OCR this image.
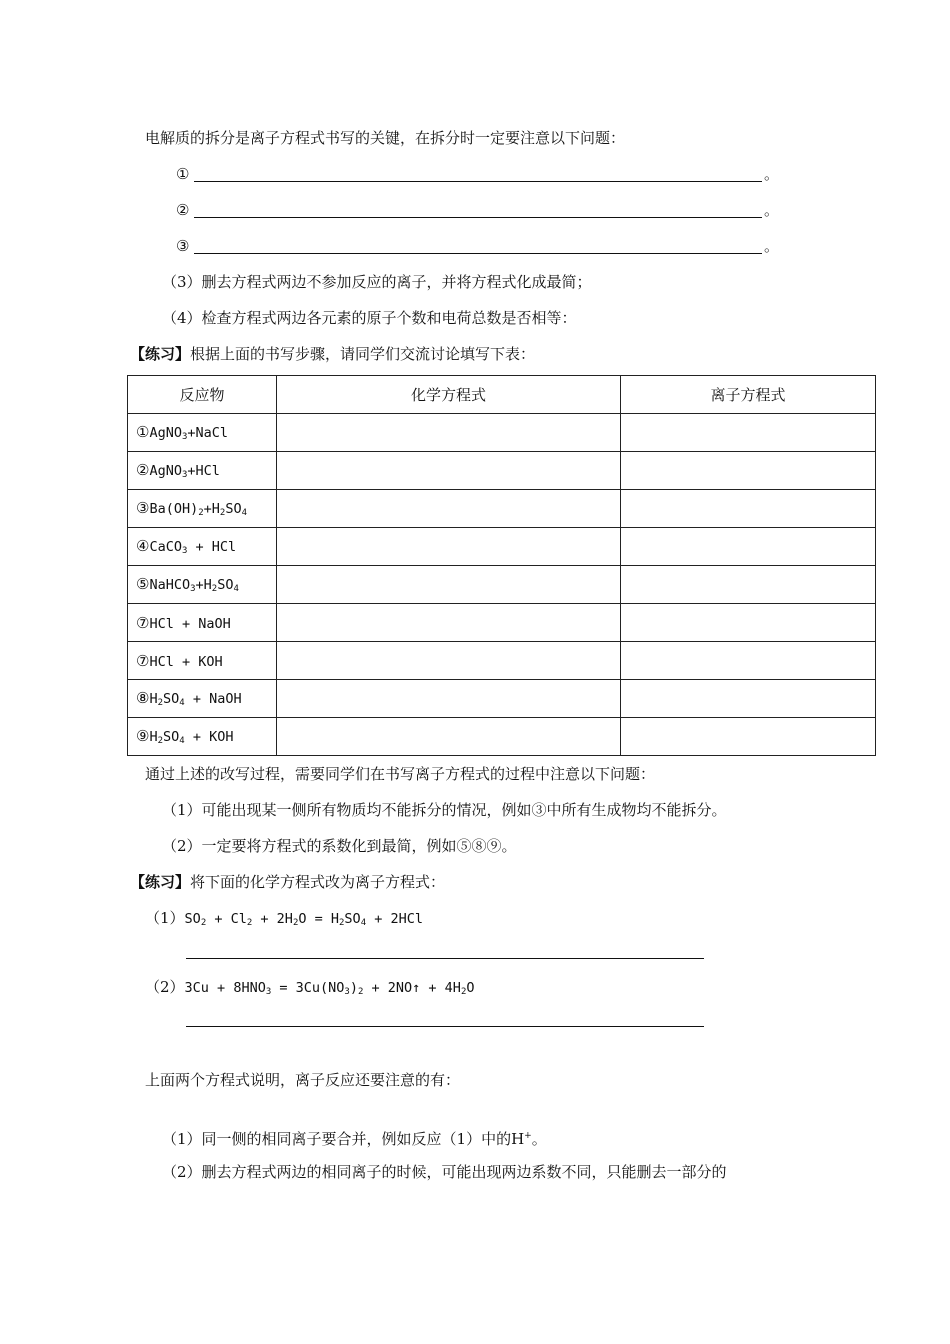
电解质的拆分是离子方程式书写的关键，在拆分时一定要注意以下问题：
①	。
②	。
③	。
（3）删去方程式两边不参加反应的离子，并将方程式化成最简；
（4）检查方程式两边各元素的原子个数和电荷总数是否相等：
【练习】根据上面的书写步骤，请同学们交流讨论填写下表：
反应物	化学方程式	离子方程式
①AgNO$_3$+NaCl		
②AgNO$_3$+HCl		
$③Ba(OH)_2+H_2SO_4$		
④CaCO$_3$ + HCl		
$⑤NaHCO_3+H_2SO_4$		
⑦HCl + NaOH		
⑦HCl + KOH		
$⑧H_2SO_4$ + NaOH		
$⑨H_2SO_4$ + KOH		
通过上述的改写过程，需要同学们在书写离子方程式的过程中注意以下问题：
（1）可能出现某一侧所有物质均不能拆分的情况，例如③中所有生成物均不能拆分。
（2）一定要将方程式的系数化到最简，例如⑤⑧⑨。
【练习】将下面的化学方程式改为离子方程式：
$(1)SO_2 + Cl_2 + 2H_2O = H_2SO_4 + 2HCl$
$(2)3Cu + 8HNO_3 = 3Cu(NO_3)_2$ + 2NO↑ + $4H_2O$
上面两个方程式说明，离子反应还要注意的有：
（1）同一侧的相同离子要合并，例如反应（1）中的H+。
（2）删去方程式两边的相同离子的时候，可能出现两边系数不同，只能删去一部分的
